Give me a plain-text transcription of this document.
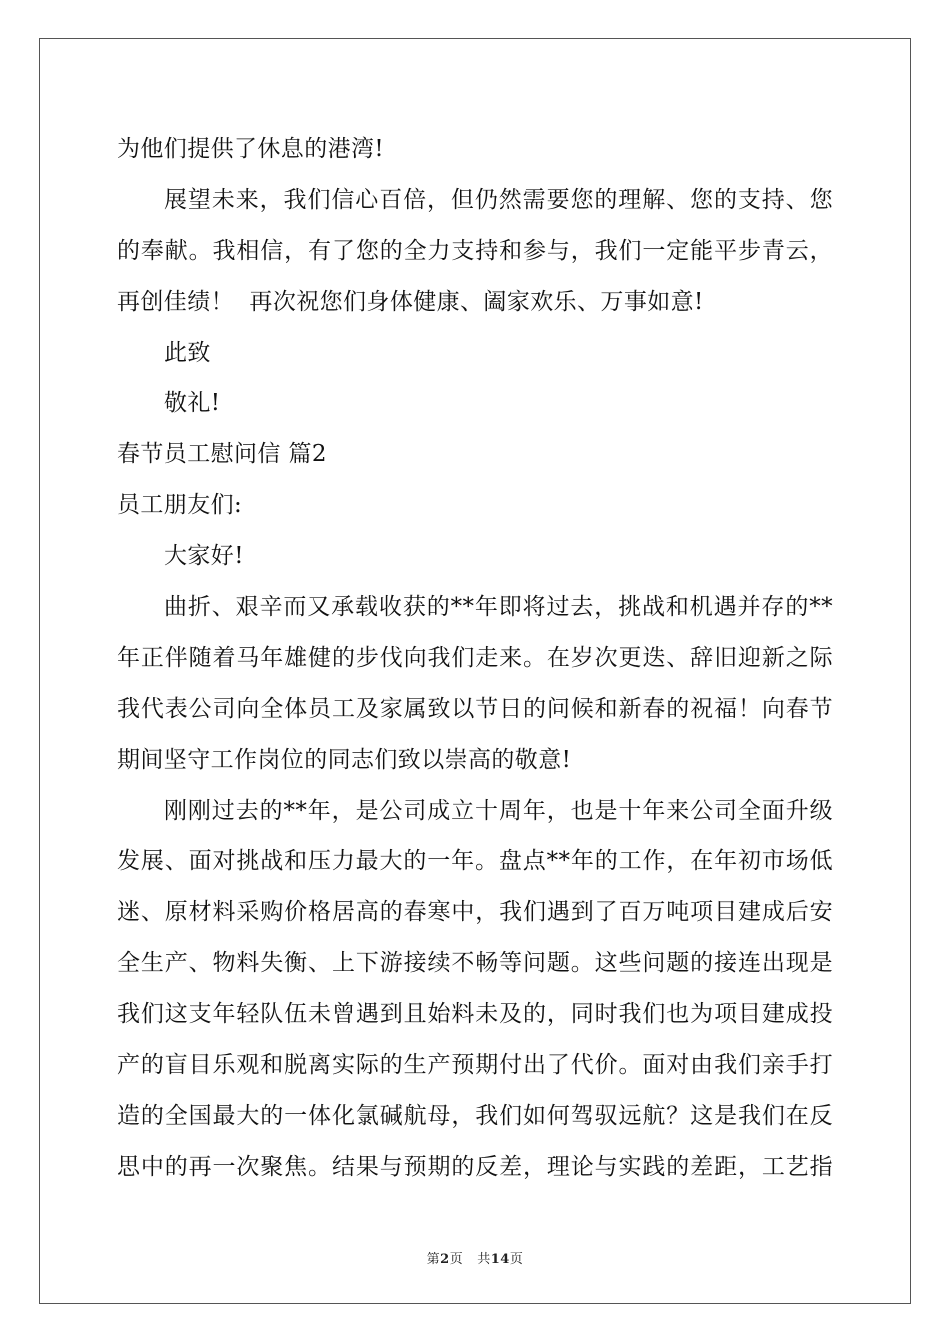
为他们提供了休息的港湾!
展望未来，我们信心百倍，但仍然需要您的理解、您的支持、您
的奉献。我相信，有了您的全力支持和参与，我们一定能平步青云，
再创佳绩！  再次祝您们身体健康、阖家欢乐、万事如意!
此致
敬礼!
春节员工慰问信 篇2
员工朋友们:
大家好!
曲折、艰辛而又承载收获的**年即将过去，挑战和机遇并存的**
年正伴随着马年雄健的步伐向我们走来。在岁次更迭、辞旧迎新之际
我代表公司向全体员工及家属致以节日的问候和新春的祝福！向春节
期间坚守工作岗位的同志们致以崇高的敬意!
刚刚过去的**年，是公司成立十周年，也是十年来公司全面升级
发展、面对挑战和压力最大的一年。盘点**年的工作，在年初市场低
迷、原材料采购价格居高的春寒中，我们遇到了百万吨项目建成后安
全生产、物料失衡、上下游接续不畅等问题。这些问题的接连出现是
我们这支年轻队伍未曾遇到且始料未及的，同时我们也为项目建成投
产的盲目乐观和脱离实际的生产预期付出了代价。面对由我们亲手打
造的全国最大的一体化氯碱航母，我们如何驾驭远航？这是我们在反
思中的再一次聚焦。结果与预期的反差，理论与实践的差距，工艺指
第2页 共14页
